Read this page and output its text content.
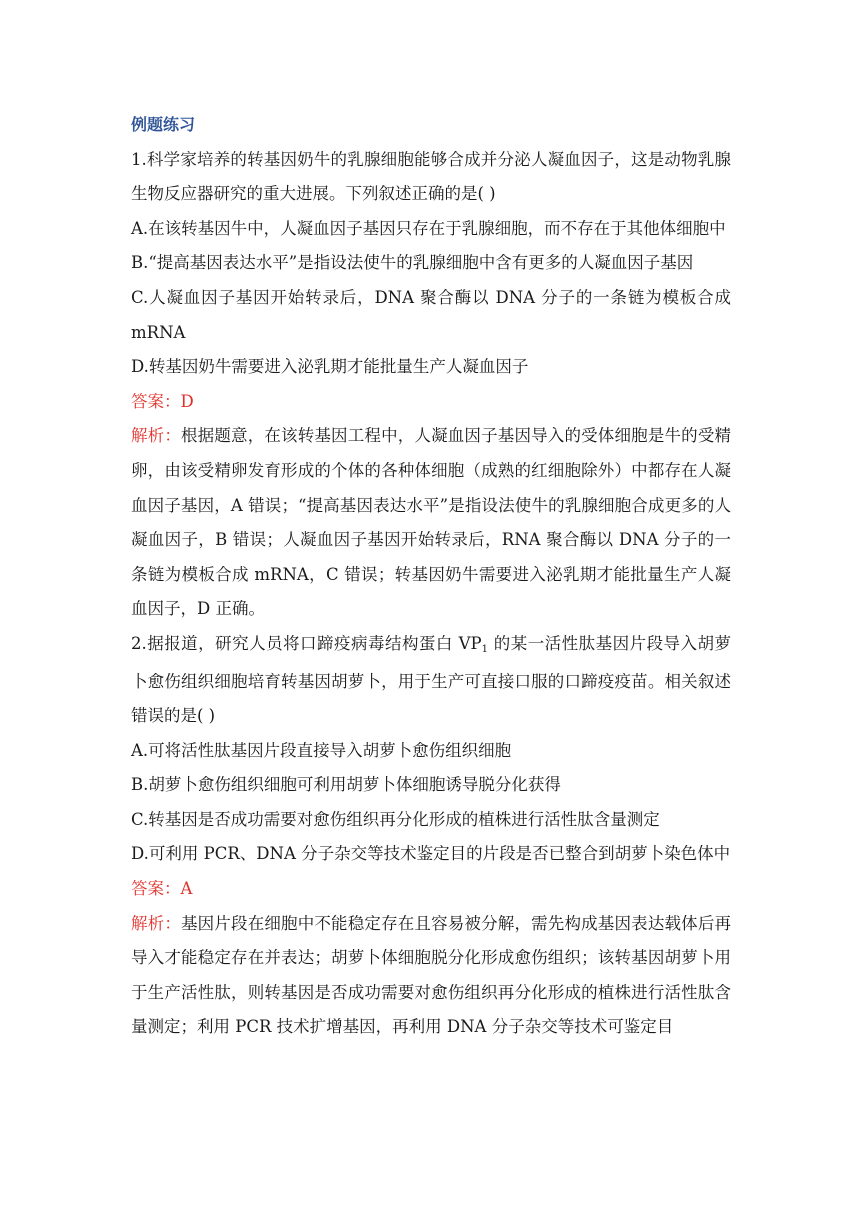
例题练习

1.科学家培养的转基因奶牛的乳腺细胞能够合成并分泌人凝血因子，这是动物乳腺生物反应器研究的重大进展。下列叙述正确的是( )

A.在该转基因牛中，人凝血因子基因只存在于乳腺细胞，而不存在于其他体细胞中

B.“提高基因表达水平”是指设法使牛的乳腺细胞中含有更多的人凝血因子基因

C.人凝血因子基因开始转录后，DNA 聚合酶以 DNA 分子的一条链为模板合成mRNA

D.转基因奶牛需要进入泌乳期才能批量生产人凝血因子

答案：D

解析：根据题意，在该转基因工程中，人凝血因子基因导入的受体细胞是牛的受精卵，由该受精卵发育形成的个体的各种体细胞（成熟的红细胞除外）中都存在人凝血因子基因，A 错误；“提高基因表达水平”是指设法使牛的乳腺细胞合成更多的人凝血因子，B 错误；人凝血因子基因开始转录后，RNA 聚合酶以 DNA 分子的一条链为模板合成 mRNA，C 错误；转基因奶牛需要进入泌乳期才能批量生产人凝血因子，D 正确。

2.据报道，研究人员将口蹄疫病毒结构蛋白 $VP_1$ 的某一活性肽基因片段导入胡萝卜愈伤组织细胞培育转基因胡萝卜，用于生产可直接口服的口蹄疫疫苗。相关叙述错误的是( )

A.可将活性肽基因片段直接导入胡萝卜愈伤组织细胞

B.胡萝卜愈伤组织细胞可利用胡萝卜体细胞诱导脱分化获得

C.转基因是否成功需要对愈伤组织再分化形成的植株进行活性肽含量测定

D.可利用 PCR、DNA 分子杂交等技术鉴定目的片段是否已整合到胡萝卜染色体中

答案：A

解析：基因片段在细胞中不能稳定存在且容易被分解，需先构成基因表达载体后再导入才能稳定存在并表达；胡萝卜体细胞脱分化形成愈伤组织；该转基因胡萝卜用于生产活性肽，则转基因是否成功需要对愈伤组织再分化形成的植株进行活性肽含量测定；利用 PCR 技术扩增基因，再利用 DNA 分子杂交等技术可鉴定目
